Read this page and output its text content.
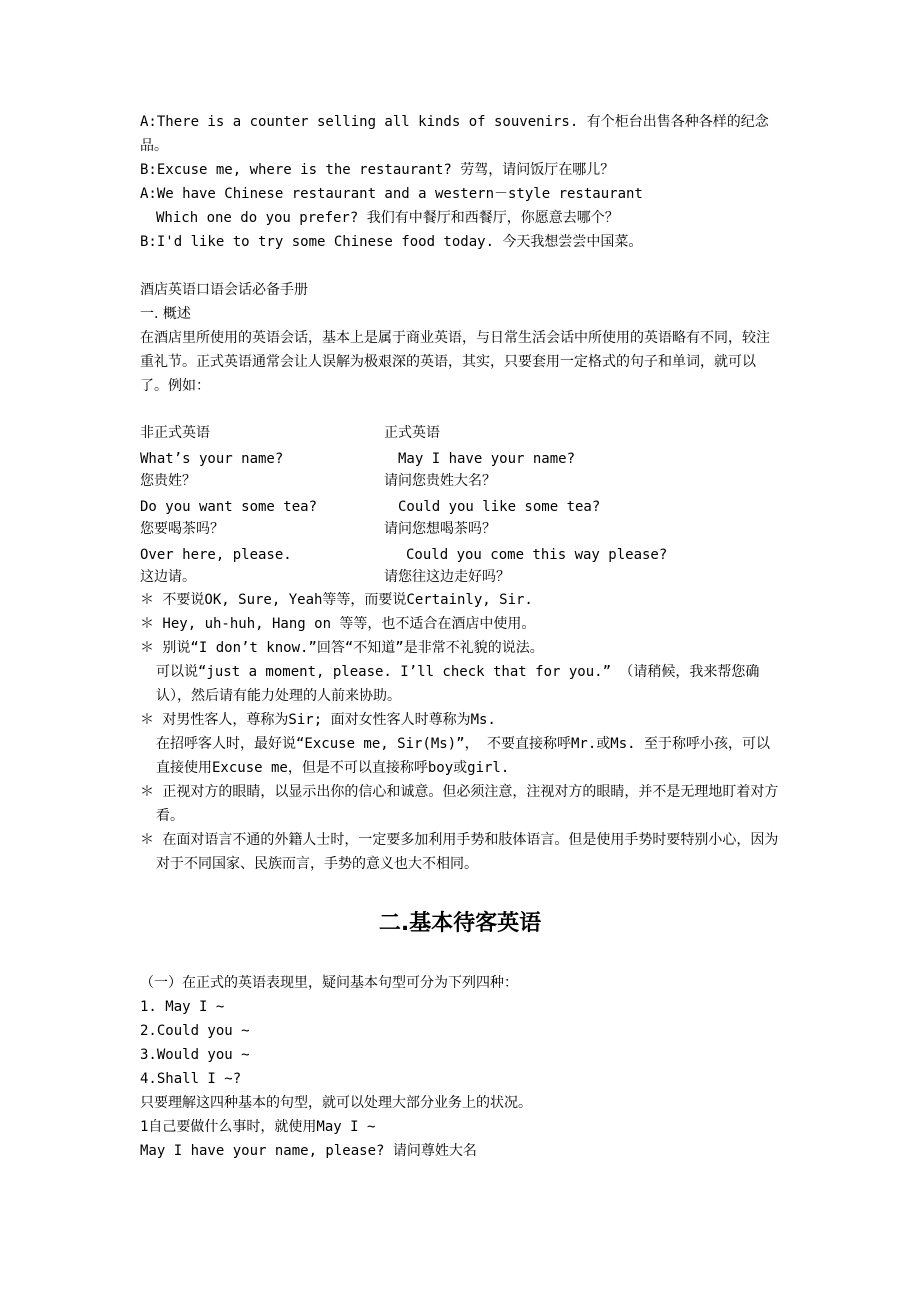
A:There is a counter selling all kinds of souvenirs. 有个柜台出售各种各样的纪念品。
B:Excuse me, where is the restaurant? 劳驾，请问饭厅在哪儿？
A:We have Chinese restaurant and a western－style restaurant
Which one do you prefer? 我们有中餐厅和西餐厅，你愿意去哪个？
B:I'd like to try some Chinese food today. 今天我想尝尝中国菜。
酒店英语口语会话必备手册
一. 概述
在酒店里所使用的英语会话，基本上是属于商业英语，与日常生活会话中所使用的英语略有不同，较注重礼节。正式英语通常会让人误解为极艰深的英语，其实，只要套用一定格式的句子和单词，就可以了。例如：
非正式英语	正式英语

What’s your name?	May I have your name?
您贵姓？	请问您贵姓大名？

Do you want some tea?	Could you like some tea?
您要喝茶吗？	请问您想喝茶吗？

Over here, please.	Could you come this way please?
这边请。	请您往这边走好吗？
＊ 不要说OK, Sure, Yeah等等，而要说Certainly, Sir.
＊ Hey, uh-huh, Hang on 等等，也不适合在酒店中使用。
＊ 别说“I don’t know.”回答“不知道”是非常不礼貌的说法。
可以说“just a moment, please. I’ll check that for you.” （请稍候，我来帮您确认），然后请有能力处理的人前来协助。
＊ 对男性客人，尊称为Sir; 面对女性客人时尊称为Ms.
在招呼客人时，最好说“Excuse me, Sir(Ms)”， 不要直接称呼Mr.或Ms. 至于称呼小孩，可以直接使用Excuse me，但是不可以直接称呼boy或girl.
＊ 正视对方的眼睛，以显示出你的信心和诚意。但必须注意，注视对方的眼睛，并不是无理地盯着对方看。
＊ 在面对语言不通的外籍人士时，一定要多加利用手势和肢体语言。但是使用手势时要特别小心，因为对于不同国家、民族而言，手势的意义也大不相同。
二.基本待客英语
（一）在正式的英语表现里，疑问基本句型可分为下列四种：
1. May I ~
2.Could you ~
3.Would you ~
4.Shall I ~?
只要理解这四种基本的句型，就可以处理大部分业务上的状况。
1自己要做什么事时，就使用May I ~
May I have your name, please? 请问尊姓大名
